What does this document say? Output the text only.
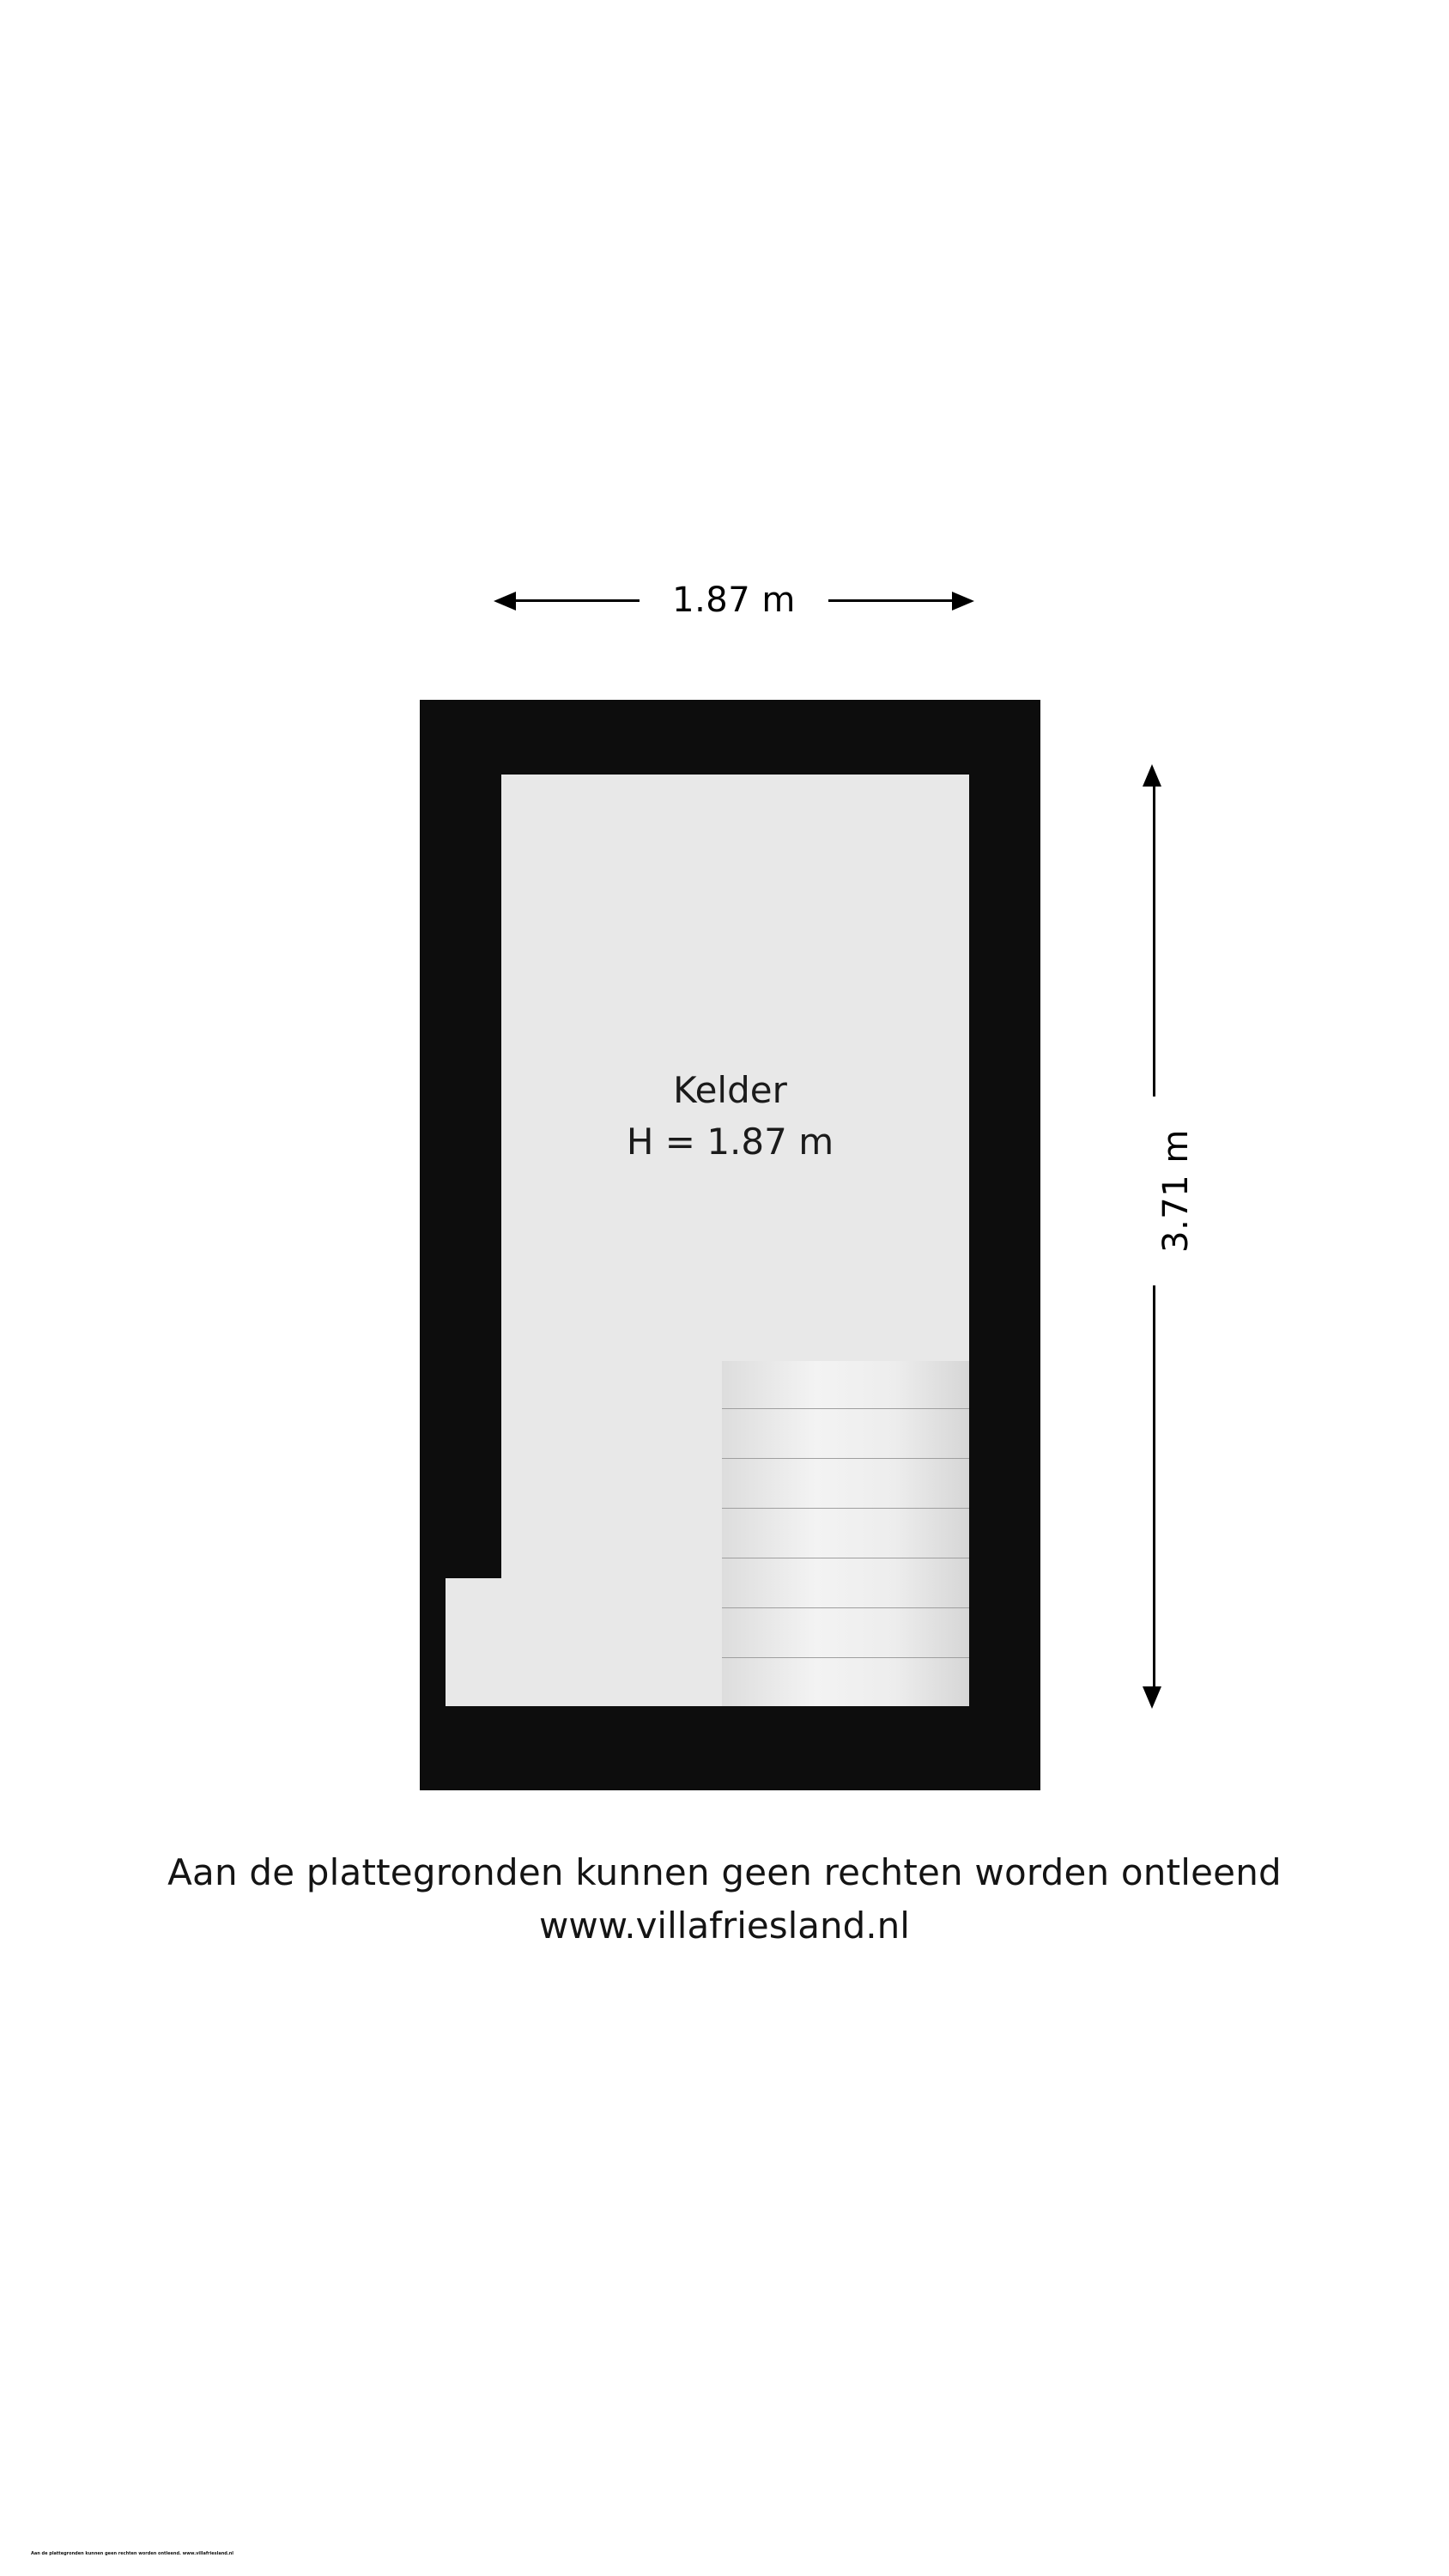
1.87 m
3.71 m
Kelder
H = 1.87 m
Aan de plattegronden kunnen geen rechten worden ontleend
www.villafriesland.nl
Aan de plattegronden kunnen geen rechten worden ontleend. www.villafriesland.nl
